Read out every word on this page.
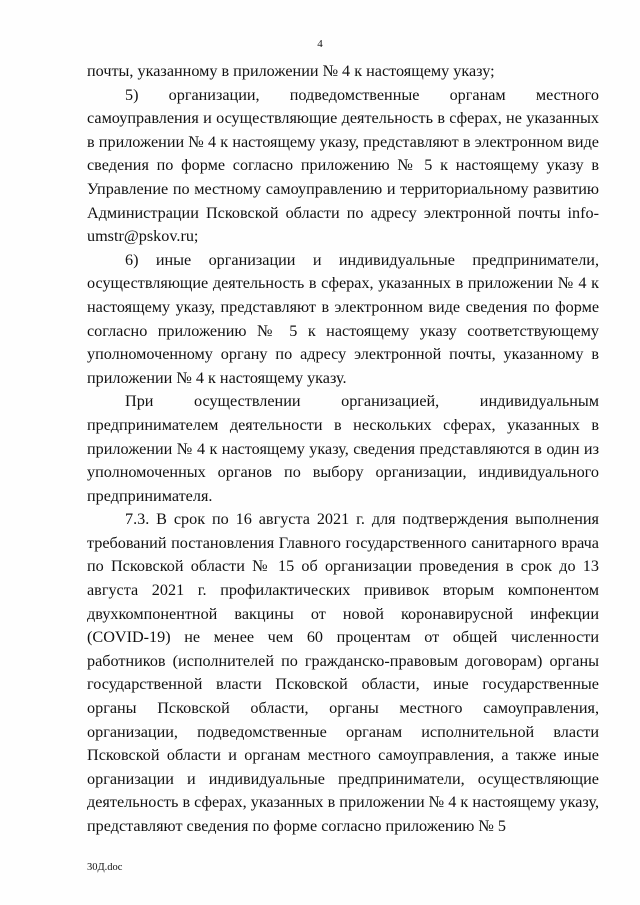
4

почты, указанному в приложении № 4 к настоящему указу;

5) организации, подведомственные органам местного самоуправления и осуществляющие деятельность в сферах, не указанных в приложении № 4 к настоящему указу, представляют в электронном виде сведения по форме согласно приложению № 5 к настоящему указу в Управление по местному самоуправлению и территориальному развитию Администрации Псковской области по адресу электронной почты info-umstr@pskov.ru;

6) иные организации и индивидуальные предприниматели, осуществляющие деятельность в сферах, указанных в приложении № 4 к настоящему указу, представляют в электронном виде сведения по форме согласно приложению № 5 к настоящему указу соответствующему уполномоченному органу по адресу электронной почты, указанному в приложении № 4 к настоящему указу.

При осуществлении организацией, индивидуальным предпринимателем деятельности в нескольких сферах, указанных в приложении № 4 к настоящему указу, сведения представляются в один из уполномоченных органов по выбору организации, индивидуального предпринимателя.

7.3. В срок по 16 августа 2021 г. для подтверждения выполнения требований постановления Главного государственного санитарного врача по Псковской области № 15 об организации проведения в срок до 13 августа 2021 г. профилактических прививок вторым компонентом двухкомпонентной вакцины от новой коронавирусной инфекции (COVID-19) не менее чем 60 процентам от общей численности работников (исполнителей по гражданско-правовым договорам) органы государственной власти Псковской области, иные государственные органы Псковской области, органы местного самоуправления, организации, подведомственные органам исполнительной власти Псковской области и органам местного самоуправления, а также иные организации и индивидуальные предприниматели, осуществляющие деятельность в сферах, указанных в приложении № 4 к настоящему указу, представляют сведения по форме согласно приложению № 5

30Д.doc
